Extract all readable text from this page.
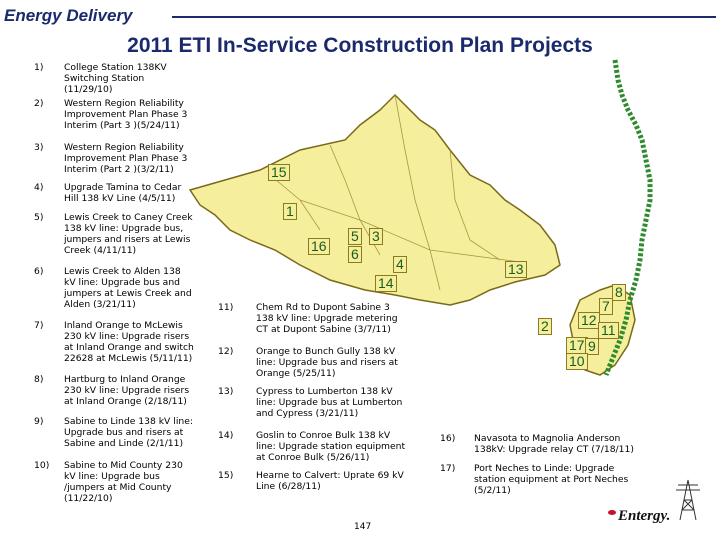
Energy Delivery
2011 ETI In-Service Construction Plan Projects
1) College Station 138KV Switching Station (11/29/10)
2) Western Region Reliability Improvement Plan Phase 3 Interim (Part 3 )(5/24/11)
3) Western Region Reliability Improvement Plan Phase 3 Interim (Part 2 )(3/2/11)
4) Upgrade Tamina to Cedar Hill 138 kV Line (4/5/11)
5) Lewis Creek to Caney Creek 138 kV line: Upgrade bus, jumpers and risers at Lewis Creek (4/11/11)
6) Lewis Creek to Alden 138 kV line: Upgrade bus and jumpers at Lewis Creek and Alden (3/21/11)
7) Inland Orange to McLewis 230 kV line: Upgrade risers at Inland Orange and switch 22628 at McLewis (5/11/11)
8) Hartburg to Inland Orange 230 kV line: Upgrade risers at Inland Orange (2/18/11)
9) Sabine to Linde 138 kV line: Upgrade bus and risers at Sabine and Linde (2/1/11)
10) Sabine to Mid County 230 kV line: Upgrade bus /jumpers at Mid County (11/22/10)
11) Chem Rd to Dupont Sabine 3 138 kV line: Upgrade metering CT at Dupont Sabine (3/7/11)
12) Orange to Bunch Gully 138 kV line: Upgrade bus and risers at Orange (5/25/11)
13) Cypress to Lumberton 138 kV line: Upgrade bus at Lumberton and Cypress (3/21/11)
14) Goslin to Conroe Bulk 138 kV line: Upgrade station equipment at Conroe Bulk (5/26/11)
15) Hearne to Calvert: Uprate 69 kV Line (6/28/11)
16) Navasota to Magnolia Anderson 138kV: Upgrade relay CT (7/18/11)
17) Port Neches to Linde: Upgrade station equipment at Port Neches (5/2/11)
15
1
16
5
6
3
4
14
13
2
7
8
12
11
17 9
10
147
Entergy.
